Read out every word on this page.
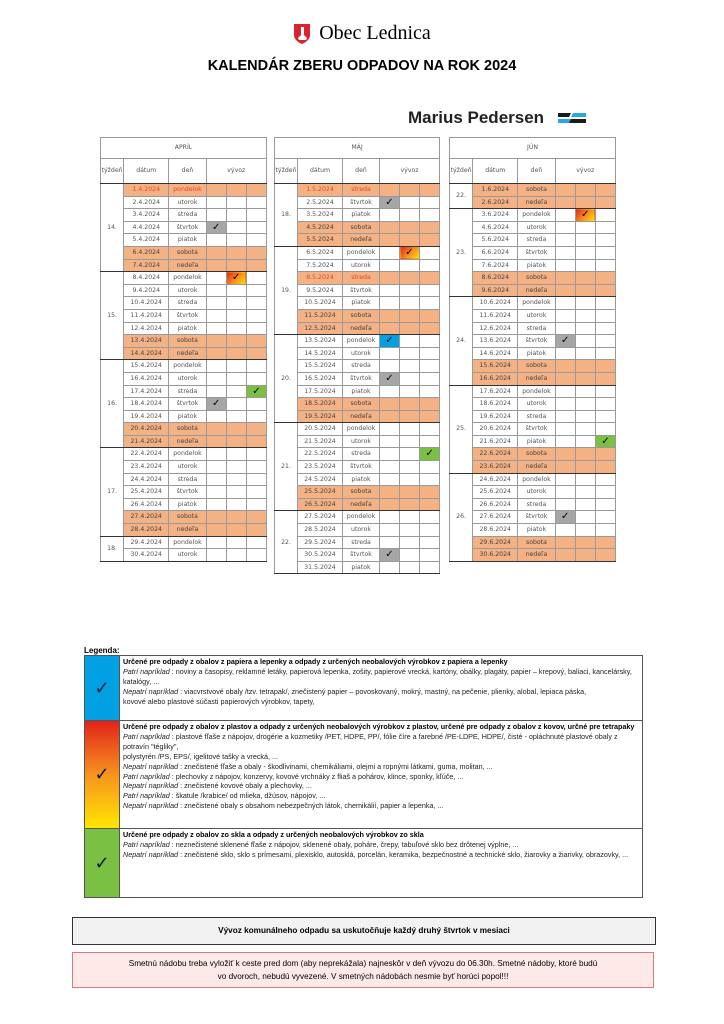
Obec Lednica
KALENDÁR ZBERU ODPADOV NA ROK 2024
Marius Pedersen
APRÍL					
týždeň	dátum	deň	vývoz		
14.	1.4.2024	pondelok			
	2.4.2024	utorok			
	3.4.2024	streda			
	4.4.2024	štvrtok	✓		

	5.4.2024	piatok			
	6.4.2024	sobota			
	7.4.2024	nedeľa			
15.	8.4.2024	pondelok		✓	

	9.4.2024	utorok			
	10.4.2024	streda			
	11.4.2024	štvrtok			
	12.4.2024	piatok			
	13.4.2024	sobota			
	14.4.2024	nedeľa			
16.	15.4.2024	pondelok			
	16.4.2024	utorok			
	17.4.2024	streda			✓

	18.4.2024	štvrtok	✓		

	19.4.2024	piatok			
	20.4.2024	sobota			
	21.4.2024	nedeľa			
17.	22.4.2024	pondelok			
	23.4.2024	utorok			
	24.4.2024	streda			
	25.4.2024	štvrtok			
	26.4.2024	piatok			
	27.4.2024	sobota			
	28.4.2024	nedeľa			
18.	29.4.2024	pondelok			
	30.4.2024	utorok			
MÁJ					
týždeň	dátum	deň	vývoz		
18.	1.5.2024	streda			
	2.5.2024	štvrtok	✓		

	3.5.2024	piatok			
	4.5.2024	sobota			
	5.5.2024	nedeľa			
19.	6.5.2024	pondelok		✓	

	7.5.2024	utorok			
	8.5.2024	streda			
	9.5.2024	štvrtok			
	10.5.2024	piatok			
	11.5.2024	sobota			
	12.5.2024	nedeľa			
20.	13.5.2024	pondelok	✓		

	14.5.2024	utorok			
	15.5.2024	streda			
	16.5.2024	štvrtok	✓		

	17.5.2024	piatok			
	18.5.2024	sobota			
	19.5.2024	nedeľa			
21.	20.5.2024	pondelok			
	21.5.2024	utorok			
	22.5.2024	streda			✓

	23.5.2024	štvrtok			
	24.5.2024	piatok			
	25.5.2024	sobota			
	26.5.2024	nedeľa			
22.	27.5.2024	pondelok			
	28.5.2024	utorok			
	29.5.2024	streda			
	30.5.2024	štvrtok	✓		

	31.5.2024	piatok			
JÚN					
týždeň	dátum	deň	vývoz		
22.	1.6.2024	sobota			
	2.6.2024	nedeľa			
23.	3.6.2024	pondelok		✓	

	4.6.2024	utorok			
	5.6.2024	streda			
	6.6.2024	štvrtok			
	7.6.2024	piatok			
	8.6.2024	sobota			
	9.6.2024	nedeľa			
24.	10.6.2024	pondelok			
	11.6.2024	utorok			
	12.6.2024	streda			
	13.6.2024	štvrtok	✓		

	14.6.2024	piatok			
	15.6.2024	sobota			
	16.6.2024	nedeľa			
25.	17.6.2024	pondelok			
	18.6.2024	utorok			
	19.6.2024	streda			
	20.6.2024	štvrtok			
	21.6.2024	piatok			✓

	22.6.2024	sobota			
	23.6.2024	nedeľa			
26.	24.6.2024	pondelok			
	25.6.2024	utorok			
	26.6.2024	streda			
	27.6.2024	štvrtok	✓		

	28.6.2024	piatok			
	29.6.2024	sobota			
	30.6.2024	nedeľa			
Legenda:
✓
Určené pre odpady z obalov z papiera a lepenky a odpady z určených neobalových výrobkov z papiera a lepenky
Patrí napríklad : noviny a časopisy, reklamné letáky, papierová lepenka, zošity, papierové vrecká, kartóny, obálky, plagáty, papier – krepový, baliaci, kancelársky, katalógy, ...
Nepatrí napríklad : viacvrstvové obaly /tzv. tetrapak/, znečistený papier – povoskovaný, mokrý, mastný, na pečenie, plienky, alobal, lepiaca páska,
kovové alebo plastové súčasti papierových výrobkov, tapety,
✓
Určené pre odpady z obalov z plastov a odpady z určených neobalových výrobkov z plastov, určené pre odpady z obalov z kovov, určné pre tetrapaky
Patrí napríklad : plastové fľaše z nápojov, drogérie a kozmetiky /PET, HDPE, PP/, fólie číre a farebné /PE-LDPE, HDPE/, čisté - opláchnuté plastové obaly z potravín "tégliky",
polystyrén /PS, EPS/, igelitové tašky a vrecká, ...
Nepatrí napríklad : znečistené fľaše a obaly - škodlivinami, chemikáliami, olejmi a ropnými látkami, guma, molitan, ...
Patrí napríklad : plechovky z nápojov, konzervy, kovové vrchnáky z fliaš a pohárov, klince, sponky, kľúče, ...
Nepatrí napríklad : znečistené kovové obaly a plechovky, ...
Patrí napríklad : škatule /krabice/ od mlieka, džúsov, nápojov, ...
Nepatrí napríklad : znečistené obaly s obsahom nebezpečných látok, chemikálií, papier a lepenka, ...
✓
Určené pre odpady z obalov zo skla a odpady z určených neobalových výrobkov zo skla
Patrí napríklad : neznečistené sklenené fľaše z nápojov, sklenené obaly, poháre, črepy, tabuľové sklo bez drôtenej výplne, ...
Nepatrí napríklad : znečistené sklo, sklo s prímesami, plexisklo, autosklá, porcelán, keramika, bezpečnostné a technické sklo, žiarovky a žiarivky, obrazovky, ...
Vývoz komunálneho odpadu sa uskutočňuje každý druhý štvrtok v mesiaci
Smetnú nádobu treba vyložiť k ceste pred dom (aby neprekážala) najneskôr v deň vývozu do 06.30h. Smetné nádoby, ktoré budú
vo dvoroch, nebudú vyvezené. V smetných nádobách nesmie byť horúci popol!!!
